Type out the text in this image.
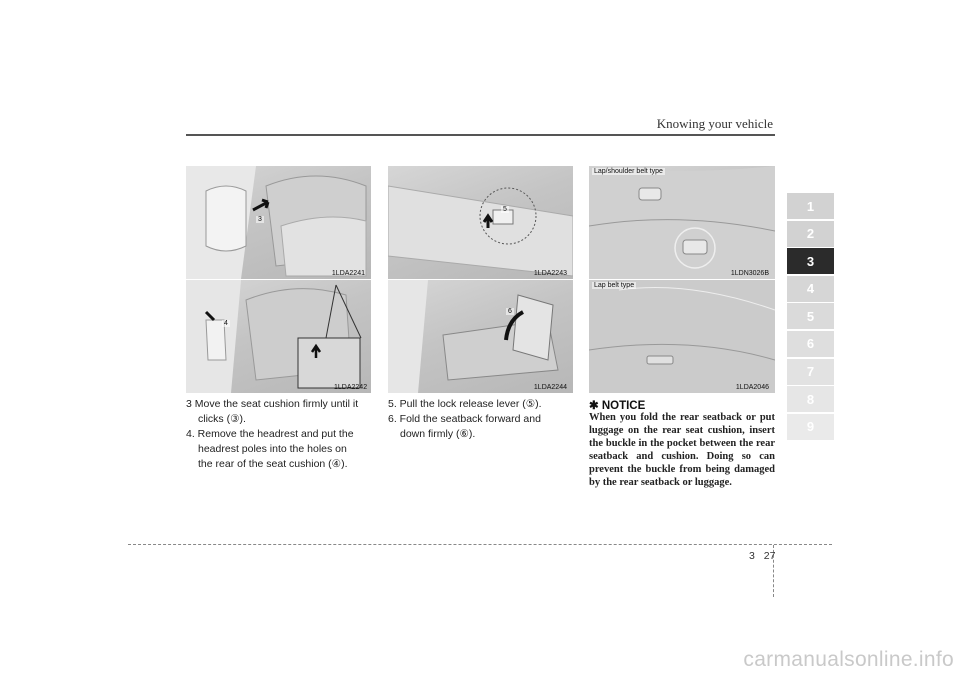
Knowing your vehicle
3
1LDA2241
4
1LDA2242

3 Move the seat cushion firmly until it

clicks (③).

4. Remove the headrest and put the

headrest poles into the holes on

the rear of the seat cushion (④).

5
1LDA2243
6
1LDA2244

5. Pull the lock release lever (⑤).

6. Fold the seatback forward and

down firmly (⑥).

Lap/shoulder belt type
1LDN3026B
Lap belt type
1LDA2046
✱ NOTICE
When you fold the rear seatback or put luggage on the rear seat cushion, insert the buckle in the pocket between the rear seatback and cushion. Doing so can prevent the buckle from being damaged by the rear seatback or luggage.
1
2
3
4
5
6
7
8
9
3 27
carmanualsonline.info
